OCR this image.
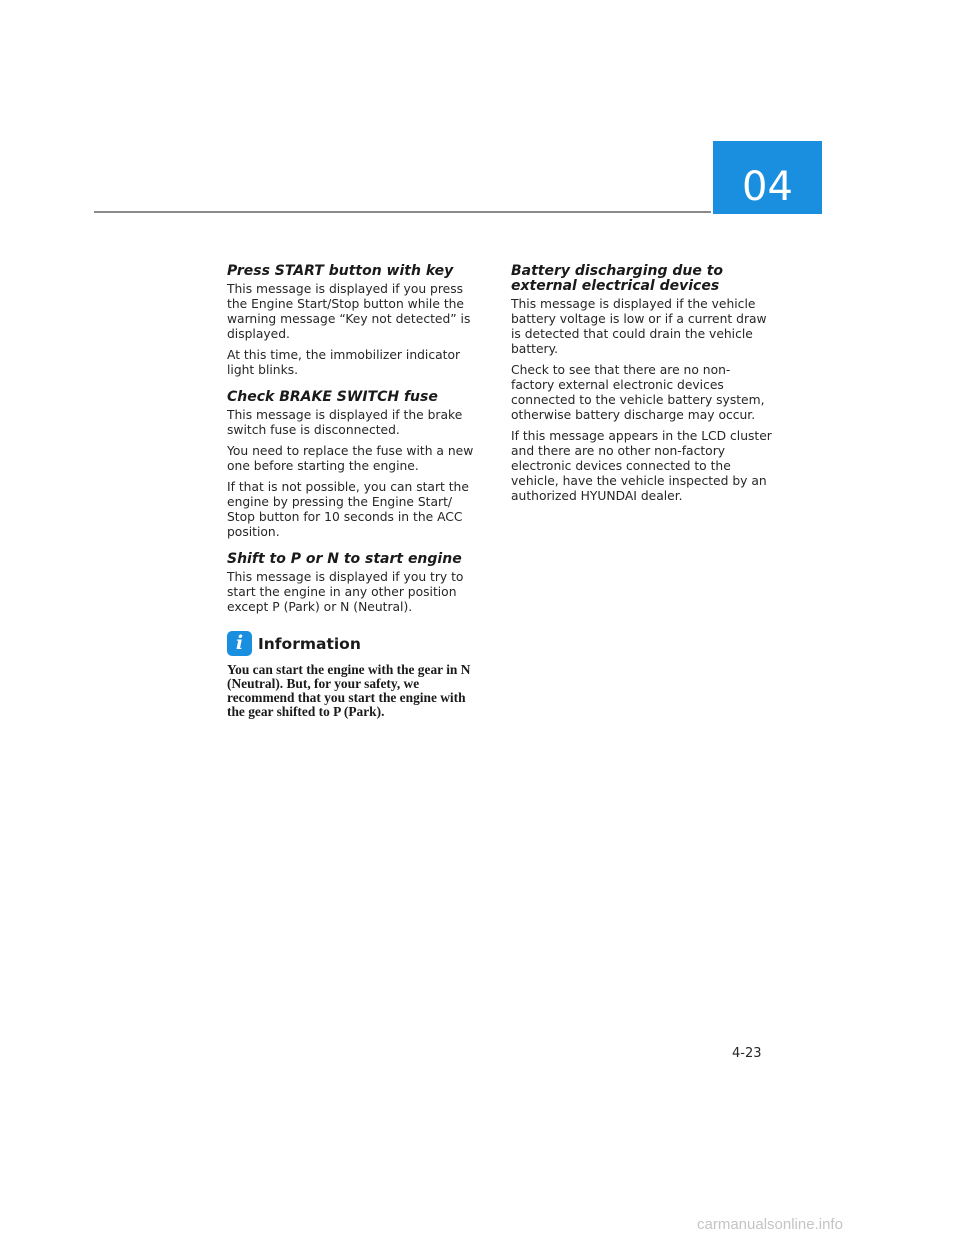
04
Press START button with key

This message is displayed if you press the Engine Start/Stop button while the warning message “Key not detected” is displayed.

At this time, the immobilizer indicator light blinks.

Check BRAKE SWITCH fuse

This message is displayed if the brake switch fuse is disconnected.

You need to replace the fuse with a new one before starting the engine.

If that is not possible, you can start the engine by pressing the Engine Start/ Stop button for 10 seconds in the ACC position.

Shift to P or N to start engine

This message is displayed if you try to start the engine in any other position except P (Park) or N (Neutral).

i Information

You can start the engine with the gear in N (Neutral). But, for your safety, we recommend that you start the engine with the gear shifted to P (Park).

Battery discharging due to external electrical devices

This message is displayed if the vehicle battery voltage is low or if a current draw is detected that could drain the vehicle battery.

Check to see that there are no non-factory external electronic devices connected to the vehicle battery system, otherwise battery discharge may occur.

If this message appears in the LCD cluster and there are no other non-factory electronic devices connected to the vehicle, have the vehicle inspected by an authorized HYUNDAI dealer.

4-23
carmanualsonline.info
